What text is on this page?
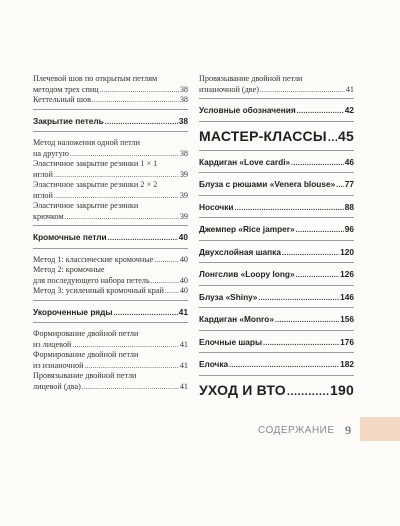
Плечевой шов по открытым петлям
методом трех спиц .....	38
Кеттельный шов .....	38
Закрытие петель .....	38
Метод наложения одной петли
на другую .....	38
Эластичное закрытие резинки 1 × 1
иглой .....	39
Эластичное закрытие резинки 2 × 2
иглой .....	39
Эластичное закрытие резинки
крючком .....	39
Кромочные петли .....	40
Метод 1: классические кромочные .....	40
Метод 2: кромочные
для последующего набора петель .....	40
Метод 3: усиленный кромочный край ..... 40
Укороченные ряды .....	41
Формирование двойной петли
из лицевой .....	41
Формирование двойной петли
из изнаночной .....	41
Провязывание двойной петли
лицевой (два) .....	41
Провязывание двойной петли
изнаночной (две) .....	41
Условные обозначения .....	42
МАСТЕР-КЛАССЫ ..... 45
Кардиган «Love cardi» .....	46
Блуза с рюшами «Venera blouse» ..... 77
Носочки .....	88
Джемпер «Rice jamper» .....	96
Двухслойная шапка .....	120
Лонгслив «Loopy long» .....	126
Блуза «Shiny» .....	146
Кардиган «Monro» .....	156
Елочные шары .....	176
Елочка .....	182
УХОД И ВТО .....	190
СОДЕРЖАНИЕ 9
